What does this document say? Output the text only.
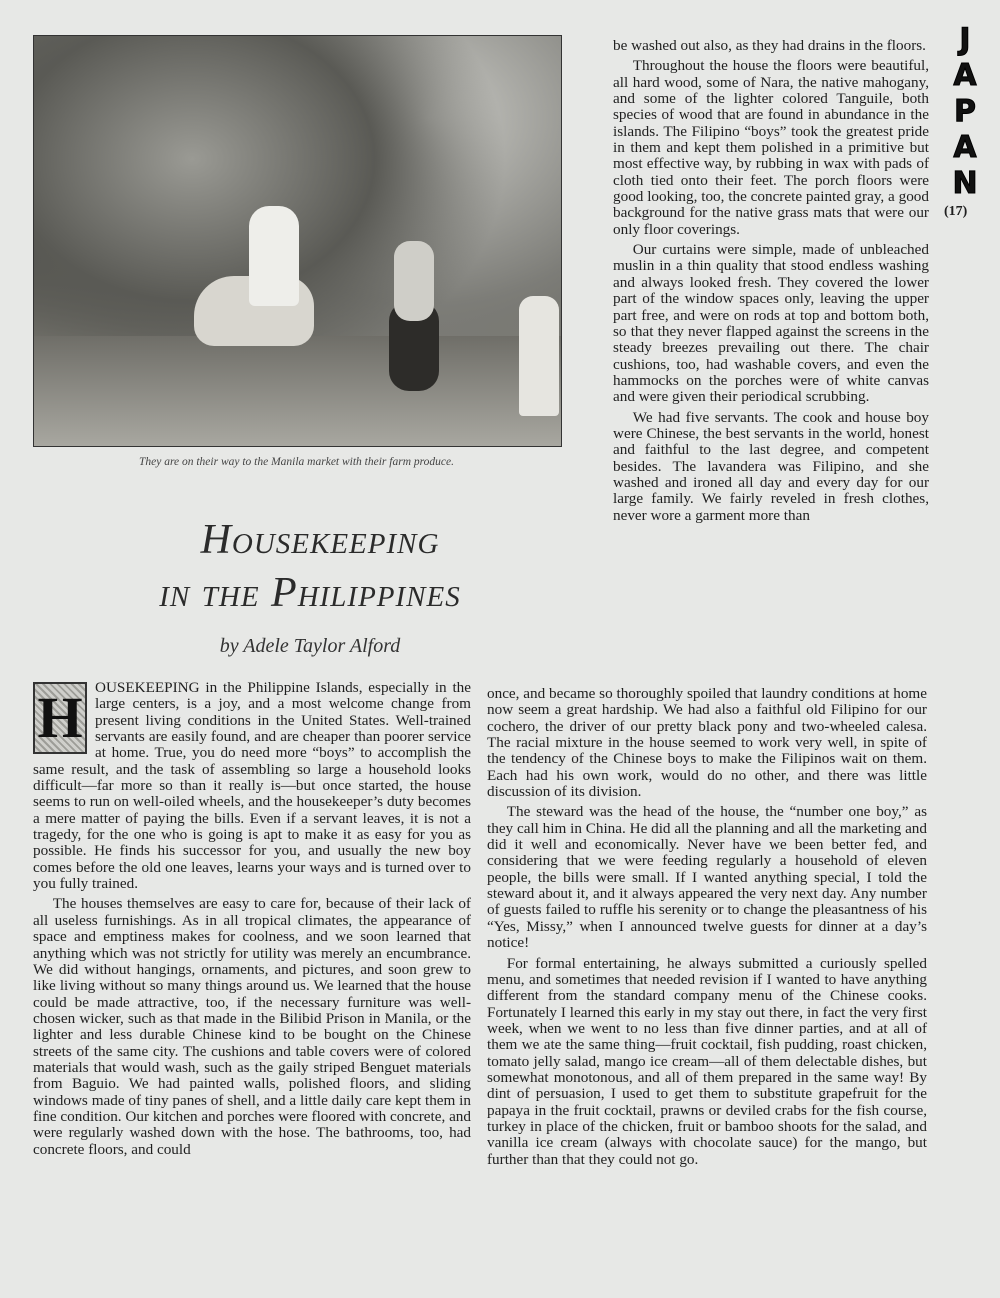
They are on their way to the Manila market with their farm produce.
Housekeeping
in the Philippines
by Adele Taylor Alford
H OUSEKEEPING in the Philippine Islands, especially in the large centers, is a joy, and a most welcome change from present living conditions in the United States. Well-trained servants are easily found, and are cheaper than poorer service at home. True, you do need more “boys” to accomplish the same result, and the task of assembling so large a household looks difficult—far more so than it really is—but once started, the house seems to run on well-oiled wheels, and the housekeeper’s duty becomes a mere matter of paying the bills. Even if a servant leaves, it is not a tragedy, for the one who is going is apt to make it as easy for you as possible. He finds his successor for you, and usually the new boy comes before the old one leaves, learns your ways and is turned over to you fully trained.

The houses themselves are easy to care for, because of their lack of all useless furnishings. As in all tropical climates, the appearance of space and emptiness makes for coolness, and we soon learned that anything which was not strictly for utility was merely an encumbrance. We did without hangings, ornaments, and pictures, and soon grew to like living without so many things around us. We learned that the house could be made attractive, too, if the necessary furniture was well-chosen wicker, such as that made in the Bilibid Prison in Manila, or the lighter and less durable Chinese kind to be bought on the Chinese streets of the same city. The cushions and table covers were of colored materials that would wash, such as the gaily striped Benguet materials from Baguio. We had painted walls, polished floors, and sliding windows made of tiny panes of shell, and a little daily care kept them in fine condition. Our kitchen and porches were floored with concrete, and were regularly washed down with the hose. The bathrooms, too, had concrete floors, and could

be washed out also, as they had drains in the floors.

Throughout the house the floors were beautiful, all hard wood, some of Nara, the native mahogany, and some of the lighter colored Tanguile, both species of wood that are found in abundance in the islands. The Filipino “boys” took the greatest pride in them and kept them polished in a primitive but most effective way, by rubbing in wax with pads of cloth tied onto their feet. The porch floors were good looking, too, the concrete painted gray, a good background for the native grass mats that were our only floor coverings.

Our curtains were simple, made of unbleached muslin in a thin quality that stood endless washing and always looked fresh. They covered the lower part of the window spaces only, leaving the upper part free, and were on rods at top and bottom both, so that they never flapped against the screens in the steady breezes prevailing out there. The chair cushions, too, had washable covers, and even the hammocks on the porches were of white canvas and were given their periodical scrubbing.

We had five servants. The cook and house boy were Chinese, the best servants in the world, honest and faithful to the last degree, and competent besides. The lavandera was Filipino, and she washed and ironed all day and every day for our large family. We fairly reveled in fresh clothes, never wore a garment more than

once, and became so thoroughly spoiled that laundry conditions at home now seem a great hardship. We had also a faithful old Filipino for our cochero, the driver of our pretty black pony and two-wheeled calesa. The racial mixture in the house seemed to work very well, in spite of the tendency of the Chinese boys to make the Filipinos wait on them. Each had his own work, would do no other, and there was little discussion of its division.

The steward was the head of the house, the “number one boy,” as they call him in China. He did all the planning and all the marketing and did it well and economically. Never have we been better fed, and considering that we were feeding regularly a household of eleven people, the bills were small. If I wanted anything special, I told the steward about it, and it always appeared the very next day. Any number of guests failed to ruffle his serenity or to change the pleasantness of his “Yes, Missy,” when I announced twelve guests for dinner at a day’s notice!

For formal entertaining, he always submitted a curiously spelled menu, and sometimes that needed revision if I wanted to have anything different from the standard company menu of the Chinese cooks. Fortunately I learned this early in my stay out there, in fact the very first week, when we went to no less than five dinner parties, and at all of them we ate the same thing—fruit cocktail, fish pudding, roast chicken, tomato jelly salad, mango ice cream—all of them delectable dishes, but somewhat monotonous, and all of them prepared in the same way! By dint of persuasion, I used to get them to substitute grapefruit for the papaya in the fruit cocktail, prawns or deviled crabs for the fish course, turkey in place of the chicken, fruit or bamboo shoots for the salad, and vanilla ice cream (always with chocolate sauce) for the mango, but further than that they could not go.

J
A
P
A
N
(17)
